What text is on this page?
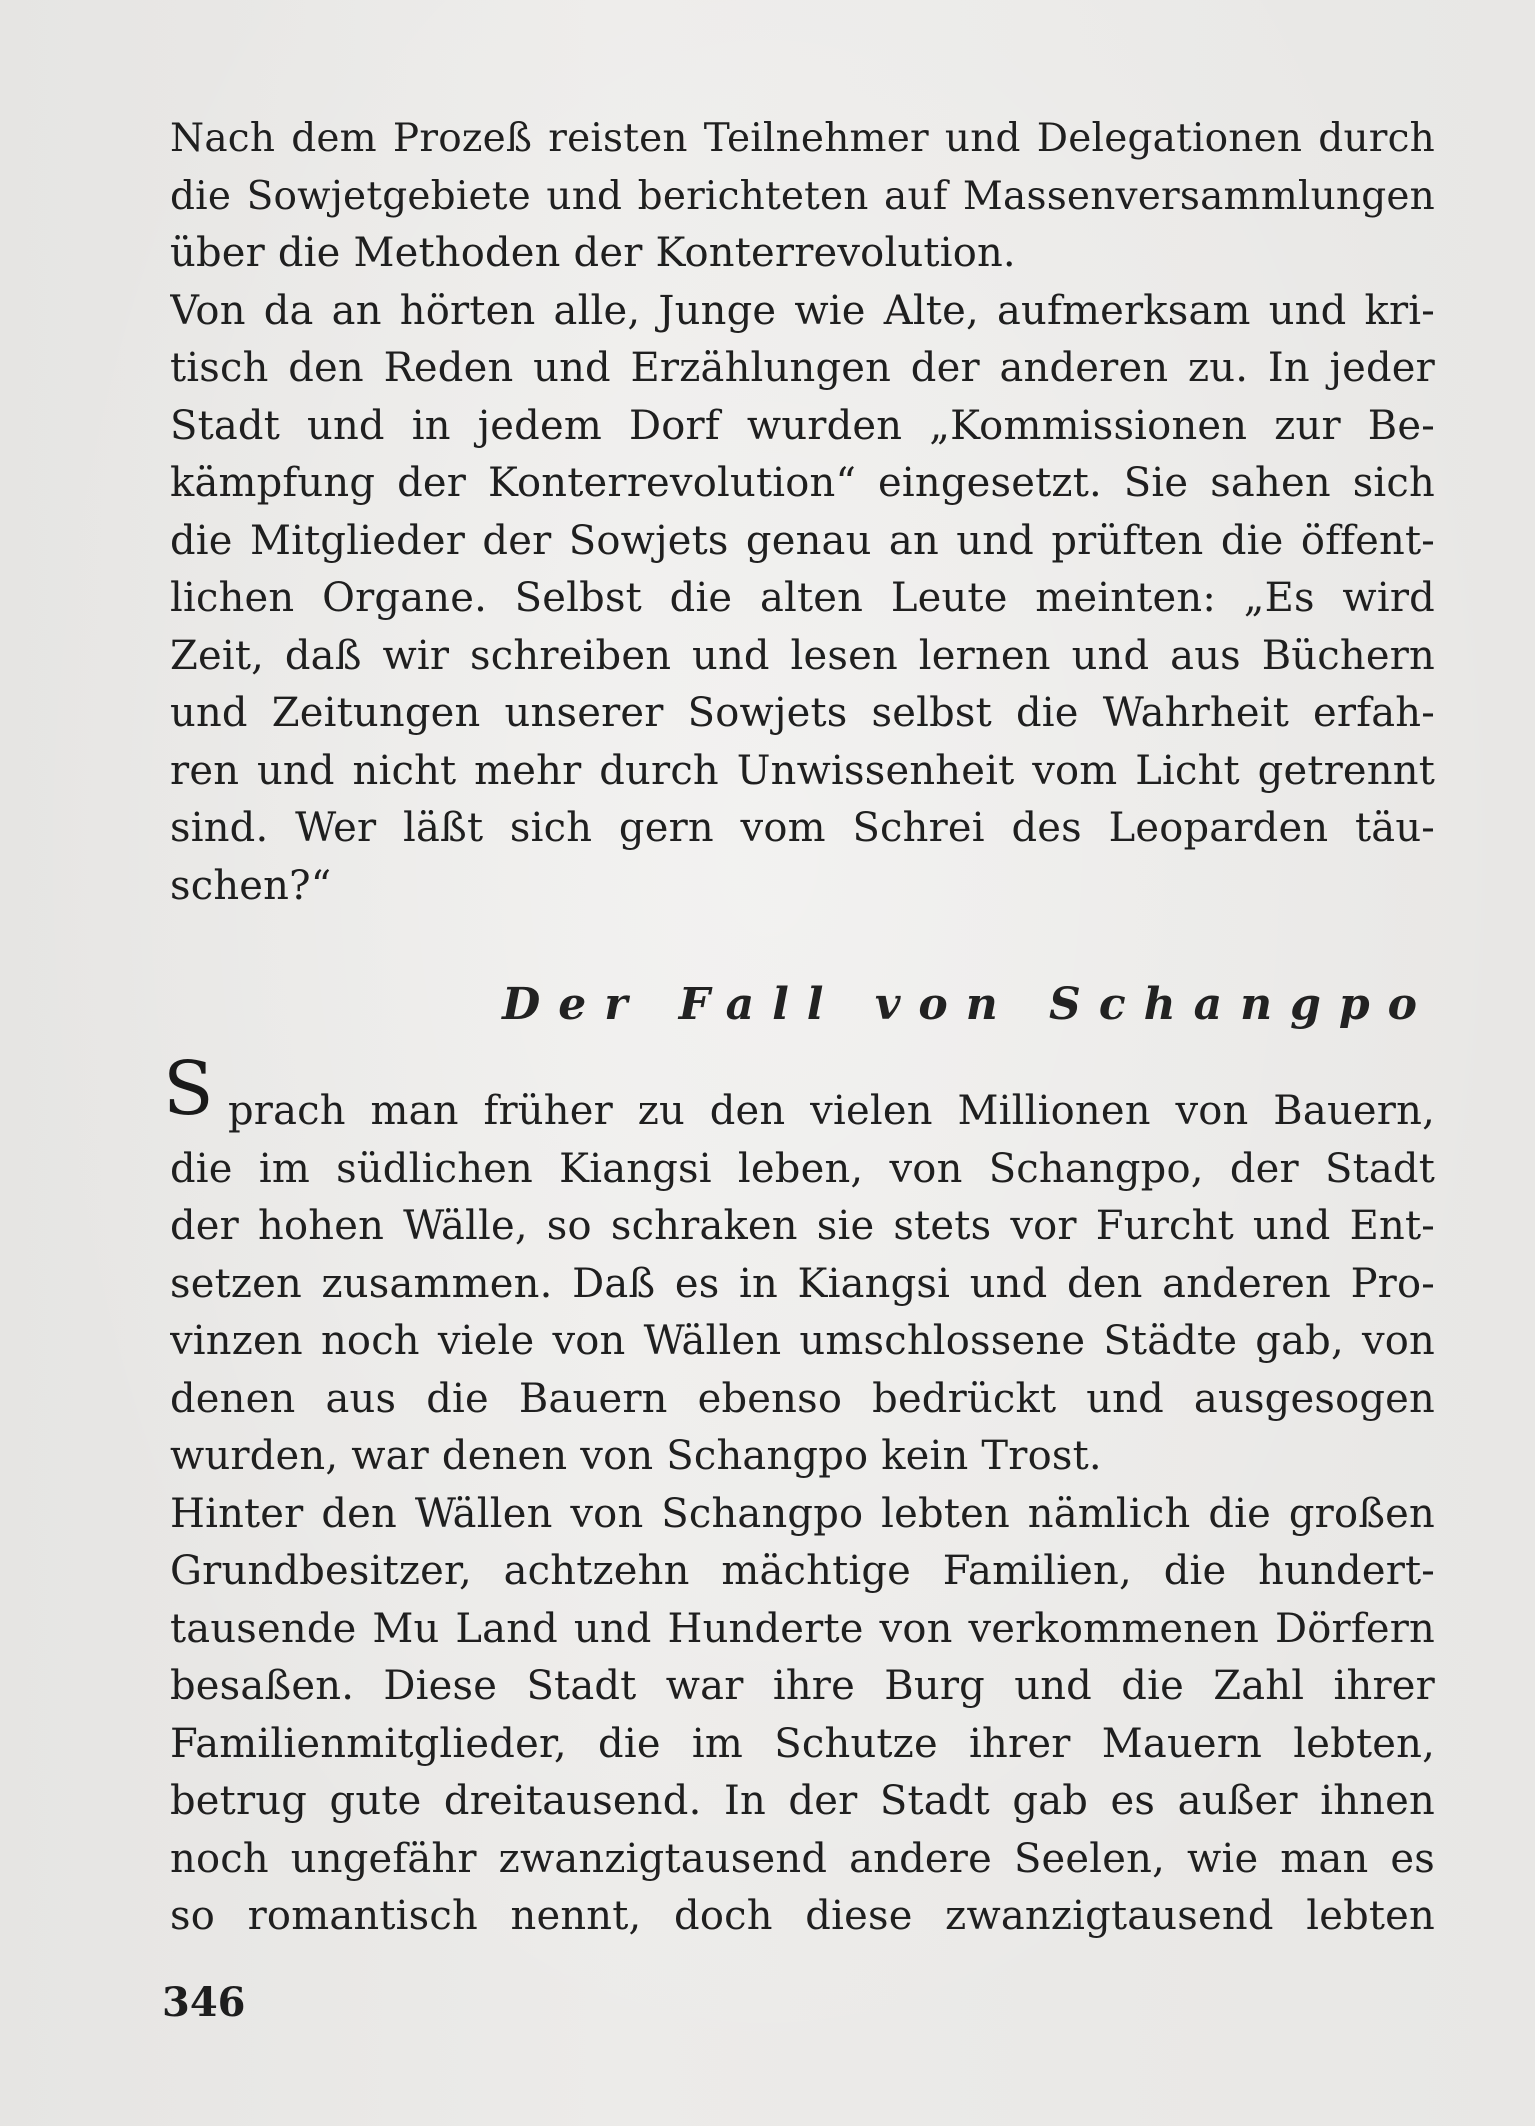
Nach dem Prozeß reisten Teilnehmer und Delegationen durch
die Sowjetgebiete und berichteten auf Massenversammlungen
über die Methoden der Konterrevolution.
Von da an hörten alle, Junge wie Alte, aufmerksam und kri-
tisch den Reden und Erzählungen der anderen zu. In jeder
Stadt und in jedem Dorf wurden „Kommissionen zur Be-
kämpfung der Konterrevolution“ eingesetzt. Sie sahen sich
die Mitglieder der Sowjets genau an und prüften die öffent-
lichen Organe. Selbst die alten Leute meinten: „Es wird
Zeit, daß wir schreiben und lesen lernen und aus Büchern
und Zeitungen unserer Sowjets selbst die Wahrheit erfah-
ren und nicht mehr durch Unwissenheit vom Licht getrennt
sind. Wer läßt sich gern vom Schrei des Leoparden täu-
schen?“
Der Fall von Schangpo
S prach man früher zu den vielen Millionen von Bauern,
die im südlichen Kiangsi leben, von Schangpo, der Stadt
der hohen Wälle, so schraken sie stets vor Furcht und Ent-
setzen zusammen. Daß es in Kiangsi und den anderen Pro-
vinzen noch viele von Wällen umschlossene Städte gab, von
denen aus die Bauern ebenso bedrückt und ausgesogen
wurden, war denen von Schangpo kein Trost.
Hinter den Wällen von Schangpo lebten nämlich die großen
Grundbesitzer, achtzehn mächtige Familien, die hundert-
tausende Mu Land und Hunderte von verkommenen Dörfern
besaßen. Diese Stadt war ihre Burg und die Zahl ihrer
Familienmitglieder, die im Schutze ihrer Mauern lebten,
betrug gute dreitausend. In der Stadt gab es außer ihnen
noch ungefähr zwanzigtausend andere Seelen, wie man es
so romantisch nennt, doch diese zwanzigtausend lebten
346
